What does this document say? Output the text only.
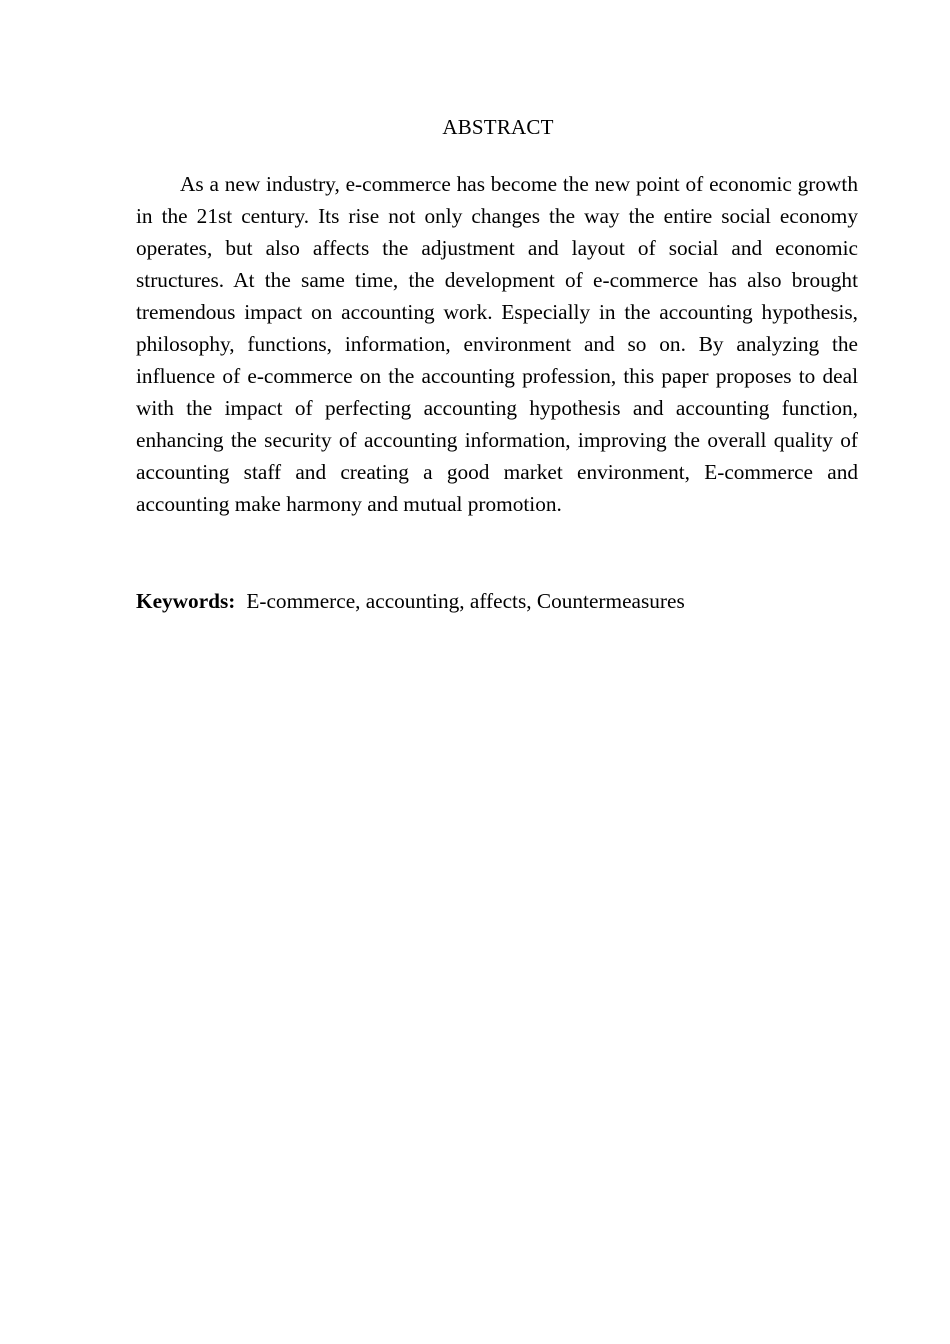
ABSTRACT

As a new industry, e-commerce has become the new point of economic growth in the 21st century. Its rise not only changes the way the entire social economy operates, but also affects the adjustment and layout of social and economic structures. At the same time, the development of e-commerce has also brought tremendous impact on accounting work. Especially in the accounting hypothesis, philosophy, functions, information, environment and so on. By analyzing the influence of e-commerce on the accounting profession, this paper proposes to deal with the impact of perfecting accounting hypothesis and accounting function, enhancing the security of accounting information, improving the overall quality of accounting staff and creating a good market environment, E-commerce and accounting make harmony and mutual promotion.

Keywords: E-commerce, accounting, affects, Countermeasures
